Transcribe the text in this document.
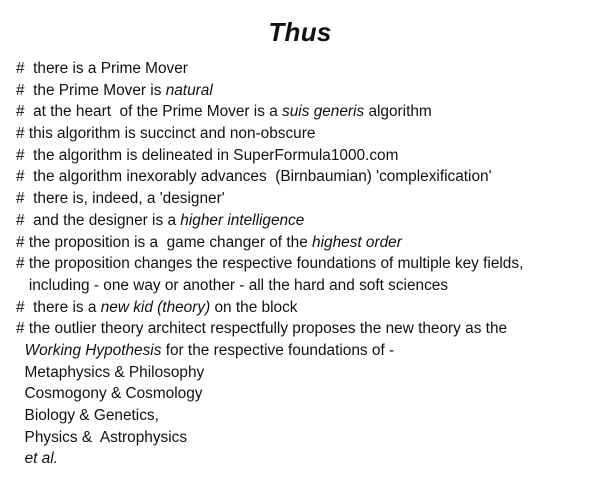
Thus
#  there is a Prime Mover
#  the Prime Mover is natural
#  at the heart  of the Prime Mover is a suis generis algorithm
# this algorithm is succinct and non-obscure
#  the algorithm is delineated in SuperFormula1000.com
#  the algorithm inexorably advances  (Birnbaumian) 'complexification'
#  there is, indeed, a 'designer'
#  and the designer is a higher intelligence
# the proposition is a  game changer of the highest order
# the proposition changes the respective foundations of multiple key fields,
including - one way or another - all the hard and soft sciences
#  there is a new kid (theory) on the block
# the outlier theory architect respectfully proposes the new theory as the
Working Hypothesis for the respective foundations of -
Metaphysics & Philosophy
Cosmogony & Cosmology
Biology & Genetics,
Physics &  Astrophysics
et al.
